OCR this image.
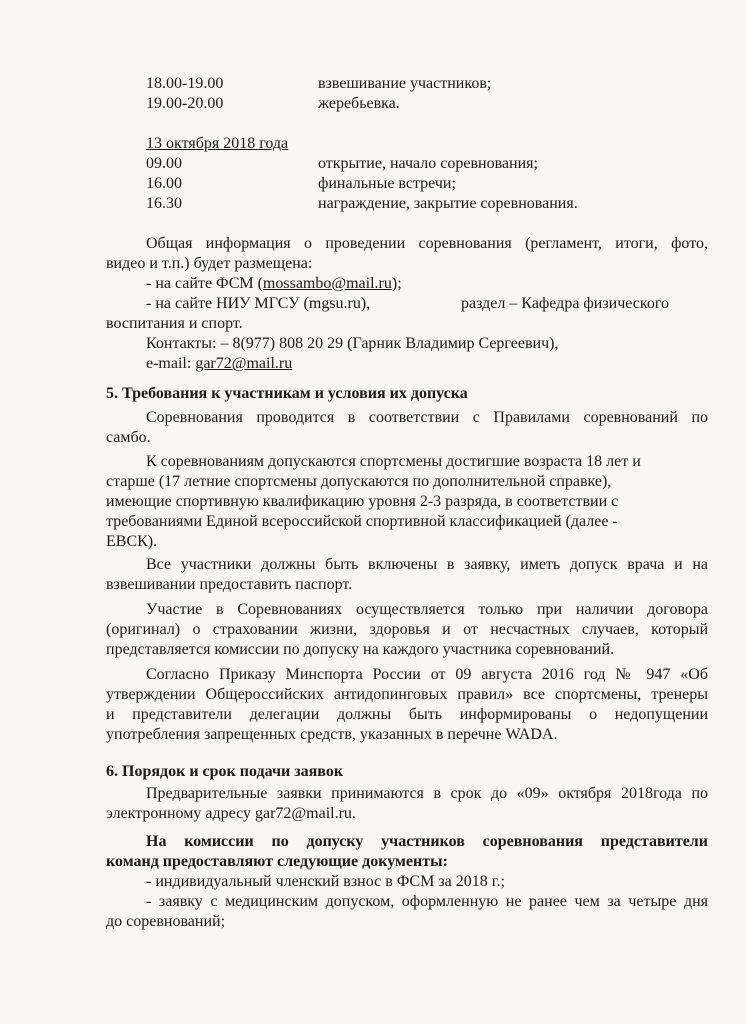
18.00-19.00	взвешивание участников;
19.00-20.00	жеребьевка.
13 октября 2018 года
09.00	открытие, начало соревнования;
16.00	финальные встречи;
16.30	награждение, закрытие соревнования.
Общая информация о проведении соревнования (регламент, итоги, фото,
видео и т.п.) будет размещена:
- на сайте ФСМ (mossambo@mail.ru);
- на сайте НИУ МГСУ (mgsu.ru),	раздел – Кафедра физического
воспитания и спорт.
Контакты: – 8(977) 808 20 29 (Гарник Владимир Сергеевич),
e-mail: gar72@mail.ru
5. Требования к участникам и условия их допуска
Соревнования проводится в соответствии с Правилами соревнований по
самбо.
К соревнованиям допускаются спортсмены достигшие возраста 18 лет и
старше (17 летние спортсмены допускаются по дополнительной справке),
имеющие спортивную квалификацию уровня 2-3 разряда, в соответствии с
требованиями Единой всероссийской спортивной классификацией (далее -
ЕВСК).
Все участники должны быть включены в заявку, иметь допуск врача и на
взвешивании предоставить паспорт.
Участие в Соревнованиях осуществляется только при наличии договора
(оригинал) о страховании жизни, здоровья и от несчастных случаев, который
представляется комиссии по допуску на каждого участника соревнований.
Согласно Приказу Минспорта России от 09 августа 2016 год № 947 «Об
утверждении Общероссийских антидопинговых правил» все спортсмены, тренеры
и представители делегации должны быть информированы о недопущении
употребления запрещенных средств, указанных в перечне WADA.
6. Порядок и срок подачи заявок
Предварительные заявки принимаются в срок до «09» октября 2018года по
электронному адресу gar72@mail.ru.
На комиссии по допуску участников соревнования представители
команд предоставляют следующие документы:
- индивидуальный членский взнос в ФСМ за 2018 г.;
- заявку с медицинским допуском, оформленную не ранее чем за четыре дня
до соревнований;
